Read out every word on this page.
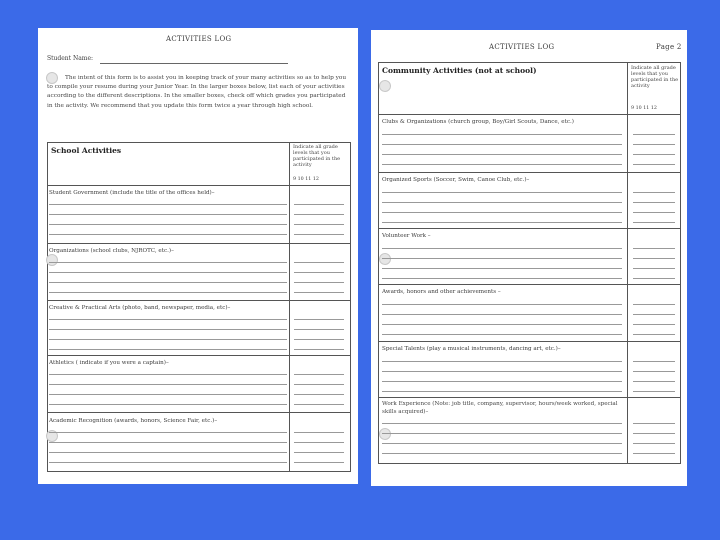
ACTIVITIES LOG
Student Name:
The intent of this form is to assist you in keeping track of your many activities so as to help you to compile your resume during your Junior Year. In the larger boxes below, list each of your activities according to the different descriptions. In the smaller boxes, check off which grades you participated in the activity. We recommend that you update this form twice a year through high school.
School Activities	Indicate all grade levels that you participated in the activity
9 10 11 12
Student Government (include the title of the offices held)–
Organizations (school clubs, NJROTC, etc.)–
Creative & Practical Arts (photo, band, newspaper, media, etc)–
Athletics ( indicate if you were a captain)–
Academic Recognition (awards, honors, Science Fair, etc.)–
ACTIVITIES LOG	Page 2
Community Activities (not at school)	Indicate all grade levels that you participated in the activity
9 10 11 12
Clubs & Organizations (church group, Boy/Girl Scouts, Dance, etc.)
Organized Sports (Soccer, Swim, Canoe Club, etc.)–
Volunteer Work –
Awards, honors and other achievements –
Special Talents (play a musical instruments, dancing art, etc.)–
Work Experience (Note: job title, company, supervisor, hours/week worked, special skills acquired)–
